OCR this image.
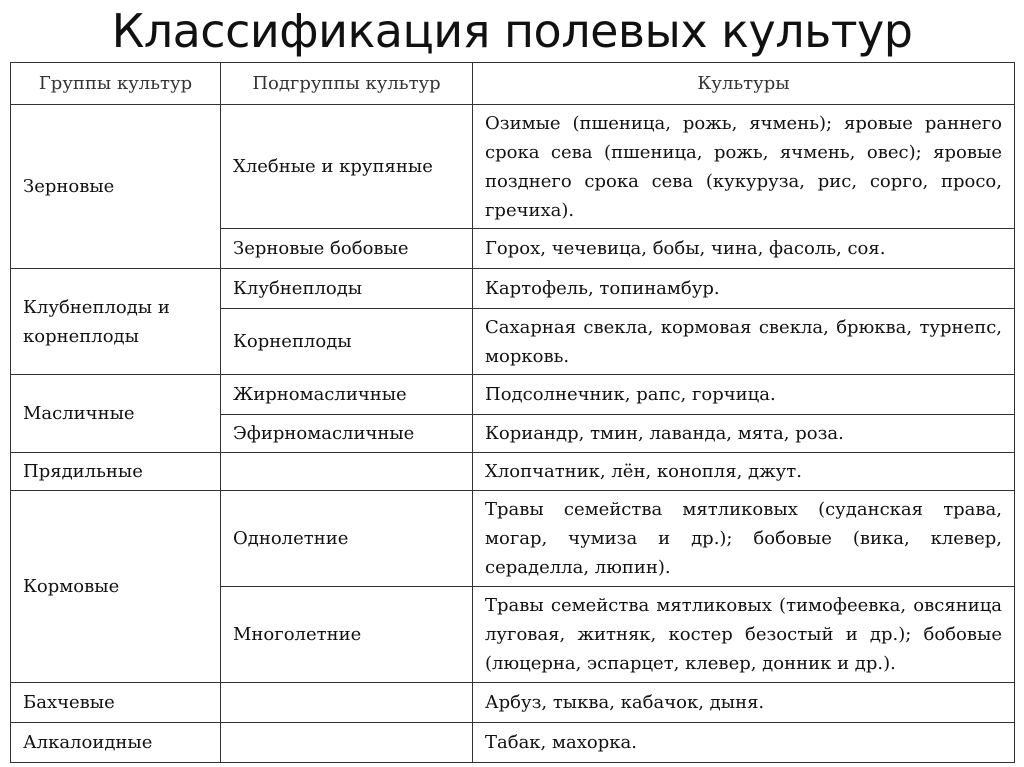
Классификация полевых культур
Группы культур	Подгруппы культур	Культуры
Зерновые	Хлебные и крупяные	Озимые (пшеница, рожь, ячмень); яровые раннего срока сева (пшеница, рожь, ячмень, овес); яровые позднего срока сева (кукуруза, рис, сорго, просо, гречиха).
	Зерновые бобовые	Горох, чечевица, бобы, чина, фасоль, соя.
Клубнеплоды и корнеплоды	Клубнеплоды	Картофель, топинамбур.
	Корнеплоды	Сахарная свекла, кормовая свекла, брюква, турнепс, морковь.
Масличные	Жирномасличные	Подсолнечник, рапс, горчица.
	Эфирномасличные	Кориандр, тмин, лаванда, мята, роза.
Прядильные		Хлопчатник, лён, конопля, джут.
Кормовые	Однолетние	Травы семейства мятликовых (суданская трава, могар, чумиза и др.); бобовые (вика, клевер, сераделла, люпин).
	Многолетние	Травы семейства мятликовых (тимофеевка, овсяница луговая, житняк, костер безостый и др.); бобовые (люцерна, эспарцет, клевер, донник и др.).
Бахчевые		Арбуз, тыква, кабачок, дыня.
Алкалоидные		Табак, махорка.
